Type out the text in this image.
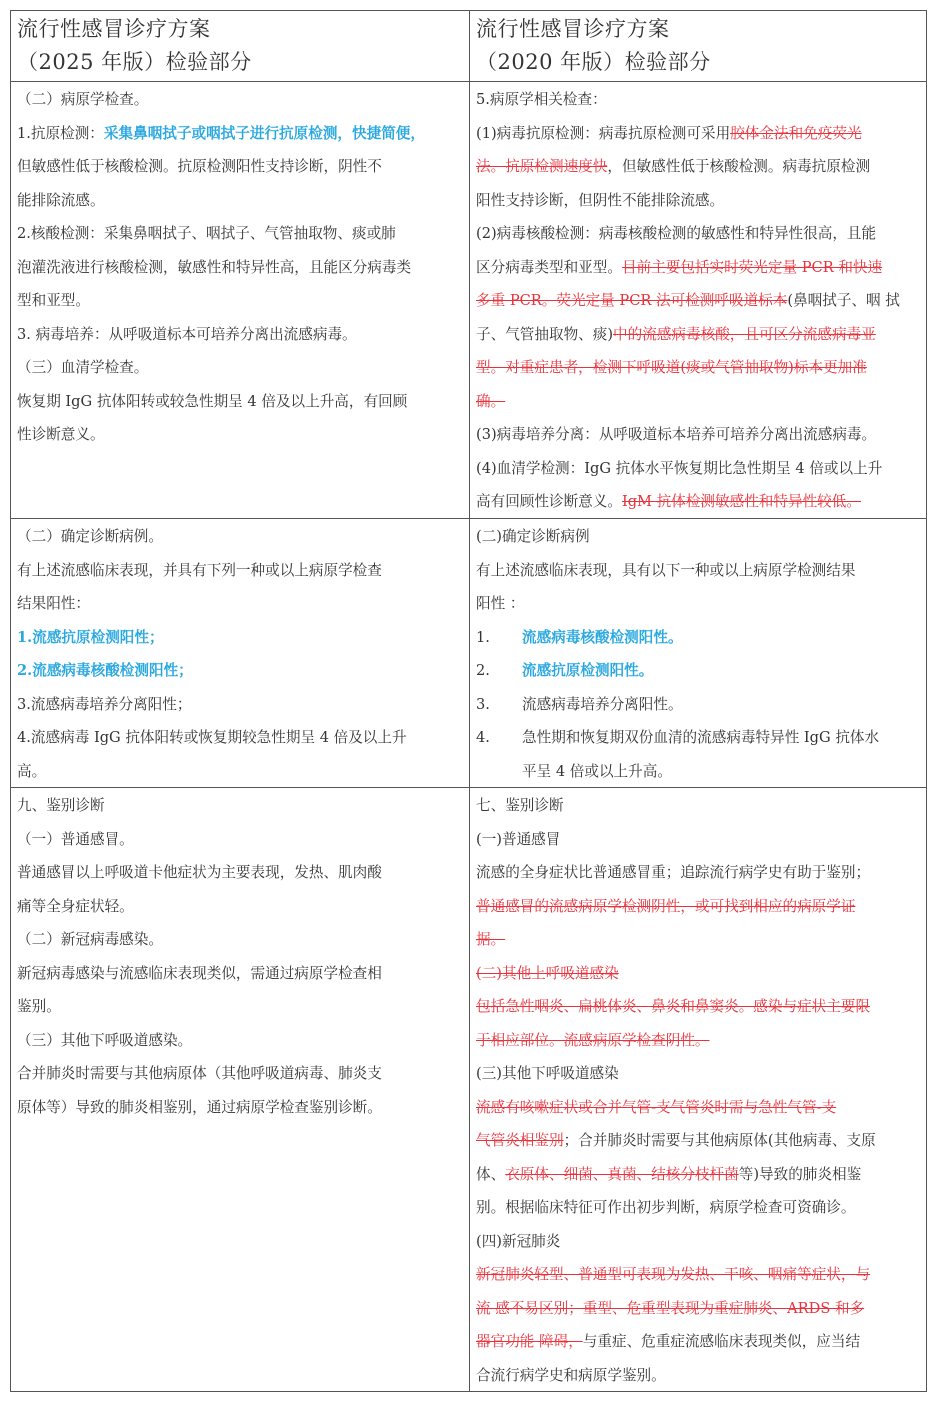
流行性感冒诊疗方案
（2025 年版）检验部分
流行性感冒诊疗方案
（2020 年版）检验部分
（二）病原学检查。
1.抗原检测：采集鼻咽拭子或咽拭子进行抗原检测，快捷简便，
但敏感性低于核酸检测。抗原检测阳性支持诊断，阴性不
能排除流感。
2.核酸检测：采集鼻咽拭子、咽拭子、气管抽取物、痰或肺
泡灌洗液进行核酸检测，敏感性和特异性高，且能区分病毒类
型和亚型。
3. 病毒培养：从呼吸道标本可培养分离出流感病毒。
（三）血清学检查。
恢复期 IgG 抗体阳转或较急性期呈 4 倍及以上升高，有回顾
性诊断意义。
5.病原学相关检查：
(1)病毒抗原检测：病毒抗原检测可采用胶体金法和免疫荧光
法。抗原检测速度快，但敏感性低于核酸检测。病毒抗原检测
阳性支持诊断，但阴性不能排除流感。
(2)病毒核酸检测：病毒核酸检测的敏感性和特异性很高，且能
区分病毒类型和亚型。目前主要包括实时荧光定量 PCR 和快速
多重 PCR。荧光定量 PCR 法可检测呼吸道标本(鼻咽拭子、咽 拭
子、气管抽取物、痰)中的流感病毒核酸，且可区分流感病毒亚
型。对重症患者，检测下呼吸道(痰或气管抽取物)标本更加准
确。
(3)病毒培养分离：从呼吸道标本培养可培养分离出流感病毒。
(4)血清学检测：IgG 抗体水平恢复期比急性期呈 4 倍或以上升
高有回顾性诊断意义。IgM 抗体检测敏感性和特异性较低。
（二）确定诊断病例。
有上述流感临床表现，并具有下列一种或以上病原学检查
结果阳性：
1.流感抗原检测阳性；
2.流感病毒核酸检测阳性；
3.流感病毒培养分离阳性；
4.流感病毒 IgG 抗体阳转或恢复期较急性期呈 4 倍及以上升
高。
(二)确定诊断病例
有上述流感临床表现，具有以下一种或以上病原学检测结果
阳性 ：
1. 流感病毒核酸检测阳性。
2. 流感抗原检测阳性。
3. 流感病毒培养分离阳性。
4. 急性期和恢复期双份血清的流感病毒特异性 IgG 抗体水
平呈 4 倍或以上升高。
九、鉴别诊断
（一）普通感冒。
普通感冒以上呼吸道卡他症状为主要表现，发热、肌肉酸
痛等全身症状轻。
（二）新冠病毒感染。
新冠病毒感染与流感临床表现类似，需通过病原学检查相
鉴别。
（三）其他下呼吸道感染。
合并肺炎时需要与其他病原体（其他呼吸道病毒、肺炎支
原体等）导致的肺炎相鉴别，通过病原学检查鉴别诊断。
七、鉴别诊断
(一)普通感冒
流感的全身症状比普通感冒重；追踪流行病学史有助于鉴别；
普通感冒的流感病原学检测阴性，或可找到相应的病原学证
据。
(二)其他上呼吸道感染
包括急性咽炎、扁桃体炎、鼻炎和鼻窦炎。感染与症状主要限
于相应部位。流感病原学检查阴性。
(三)其他下呼吸道感染
流感有咳嗽症状或合并气管-支气管炎时需与急性气管-支
气管炎相鉴别；合并肺炎时需要与其他病原体(其他病毒、支原
体、衣原体、细菌、真菌、结核分枝杆菌等)导致的肺炎相鉴
别。根据临床特征可作出初步判断，病原学检查可资确诊。
(四)新冠肺炎
新冠肺炎轻型、普通型可表现为发热、干咳、咽痛等症状，与
流 感不易区别；重型、危重型表现为重症肺炎、ARDS 和多
器官功能 障碍，与重症、危重症流感临床表现类似，应当结
合流行病学史和病原学鉴别。
